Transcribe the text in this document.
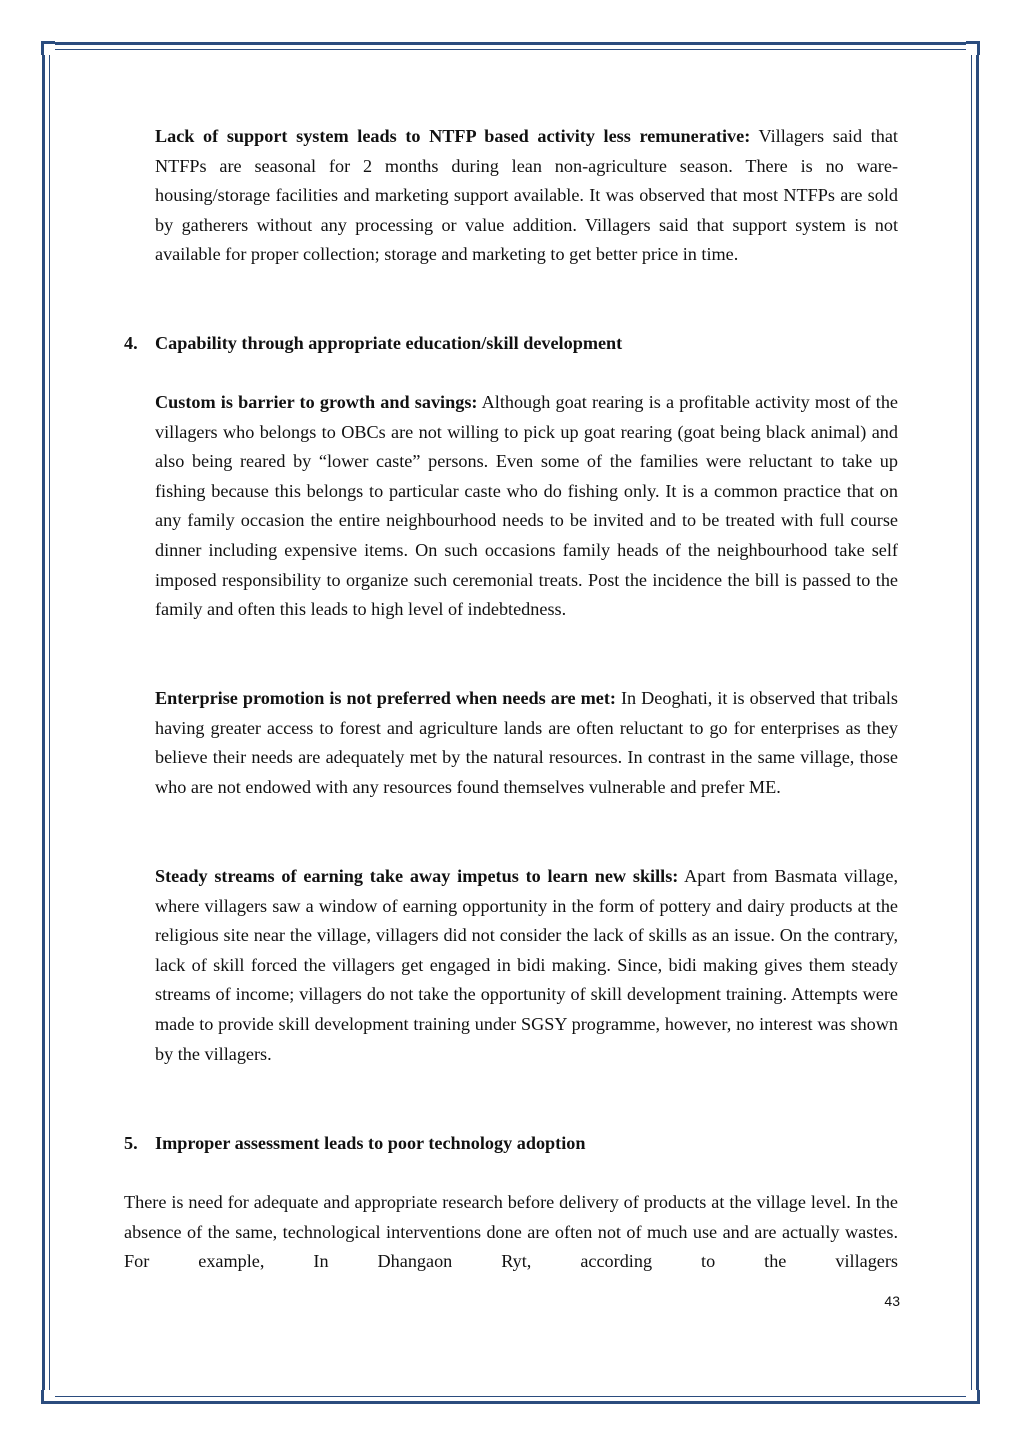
Lack of support system leads to NTFP based activity less remunerative: Villagers said that NTFPs are seasonal for 2 months during lean non-agriculture season. There is no ware-housing/storage facilities and marketing support available. It was observed that most NTFPs are sold by gatherers without any processing or value addition. Villagers said that support system is not available for proper collection; storage and marketing to get better price in time.

4. Capability through appropriate education/skill development

Custom is barrier to growth and savings: Although goat rearing is a profitable activity most of the villagers who belongs to OBCs are not willing to pick up goat rearing (goat being black animal) and also being reared by “lower caste” persons. Even some of the families were reluctant to take up fishing because this belongs to particular caste who do fishing only. It is a common practice that on any family occasion the entire neighbourhood needs to be invited and to be treated with full course dinner including expensive items. On such occasions family heads of the neighbourhood take self imposed responsibility to organize such ceremonial treats. Post the incidence the bill is passed to the family and often this leads to high level of indebtedness.

Enterprise promotion is not preferred when needs are met: In Deoghati, it is observed that tribals having greater access to forest and agriculture lands are often reluctant to go for enterprises as they believe their needs are adequately met by the natural resources. In contrast in the same village, those who are not endowed with any resources found themselves vulnerable and prefer ME.

Steady streams of earning take away impetus to learn new skills: Apart from Basmata village, where villagers saw a window of earning opportunity in the form of pottery and dairy products at the religious site near the village, villagers did not consider the lack of skills as an issue. On the contrary, lack of skill forced the villagers get engaged in bidi making. Since, bidi making gives them steady streams of income; villagers do not take the opportunity of skill development training. Attempts were made to provide skill development training under SGSY programme, however, no interest was shown by the villagers.

5. Improper assessment leads to poor technology adoption

There is need for adequate and appropriate research before delivery of products at the village level. In the absence of the same, technological interventions done are often not of much use and are actually wastes. For example, In Dhangaon Ryt, according to the villagers

43
